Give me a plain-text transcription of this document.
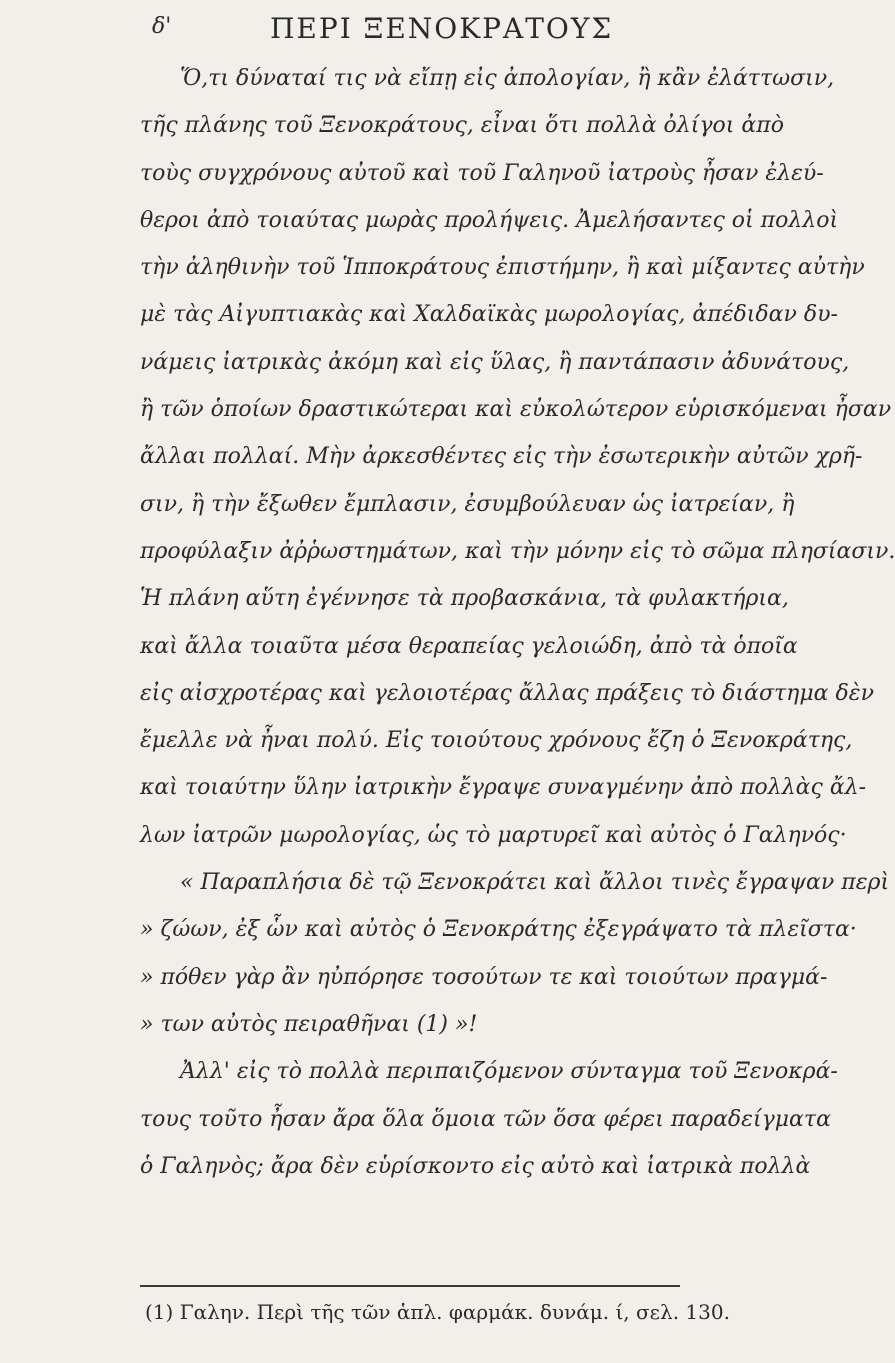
δ'	ΠΕΡΙ ΞΕΝΟΚΡΑΤΟΥΣ
Ὅ,τι δύναταί τις νὰ εἴπῃ εἰς ἀπολογίαν, ἢ κἂν ἐλάττωσιν,
τῆς πλάνης τοῦ Ξενοκράτους, εἶναι ὅτι πολλὰ ὀλίγοι ἀπὸ
τοὺς συγχρόνους αὐτοῦ καὶ τοῦ Γαληνοῦ ἰατροὺς ἦσαν ἐλεύ-
θεροι ἀπὸ τοιαύτας μωρὰς προλήψεις. Ἀμελήσαντες οἱ πολλοὶ
τὴν ἀληθινὴν τοῦ Ἱπποκράτους ἐπιστήμην, ἢ καὶ μίξαντες αὐτὴν
μὲ τὰς Αἰγυπτιακὰς καὶ Χαλδαϊκὰς μωρολογίας, ἀπέδιδαν δυ-
νάμεις ἰατρικὰς ἀκόμη καὶ εἰς ὕλας, ἢ παντάπασιν ἀδυνάτους,
ἢ τῶν ὁποίων δραστικώτεραι καὶ εὐκολώτερον εὑρισκόμεναι ἦσαν
ἄλλαι πολλαί. Μὴν ἀρκεσθέντες εἰς τὴν ἐσωτερικὴν αὐτῶν χρῆ-
σιν, ἢ τὴν ἔξωθεν ἔμπλασιν, ἐσυμβούλευαν ὡς ἰατρείαν, ἢ
προφύλαξιν ἀῤῥωστημάτων, καὶ τὴν μόνην εἰς τὸ σῶμα πλησίασιν.
Ἡ πλάνη αὕτη ἐγέννησε τὰ προβασκάνια, τὰ φυλακτήρια,
καὶ ἄλλα τοιαῦτα μέσα θεραπείας γελοιώδη, ἀπὸ τὰ ὁποῖα
εἰς αἰσχροτέρας καὶ γελοιοτέρας ἄλλας πράξεις τὸ διάστημα δὲν
ἔμελλε νὰ ἦναι πολύ. Εἰς τοιούτους χρόνους ἔζη ὁ Ξενοκράτης,
καὶ τοιαύτην ὕλην ἰατρικὴν ἔγραψε συναγμένην ἀπὸ πολλὰς ἄλ-
λων ἰατρῶν μωρολογίας, ὡς τὸ μαρτυρεῖ καὶ αὐτὸς ὁ Γαληνός·
« Παραπλήσια δὲ τῷ Ξενοκράτει καὶ ἄλλοι τινὲς ἔγραψαν περὶ
» ζώων, ἐξ ὧν καὶ αὐτὸς ὁ Ξενοκράτης ἐξεγράψατο τὰ πλεῖστα·
» πόθεν γὰρ ἂν ηὐπόρησε τοσούτων τε καὶ τοιούτων πραγμά-
» των αὐτὸς πειραθῆναι (1) »!
Ἀλλ' εἰς τὸ πολλὰ περιπαιζόμενον σύνταγμα τοῦ Ξενοκρά-
τους τοῦτο ἦσαν ἄρα ὅλα ὅμοια τῶν ὅσα φέρει παραδείγματα
ὁ Γαληνὸς; ἄρα δὲν εὑρίσκοντο εἰς αὐτὸ καὶ ἰατρικὰ πολλὰ
(1) Γαλην. Περὶ τῆς τῶν ἁπλ. φαρμάκ. δυνάμ. ί, σελ. 130.
